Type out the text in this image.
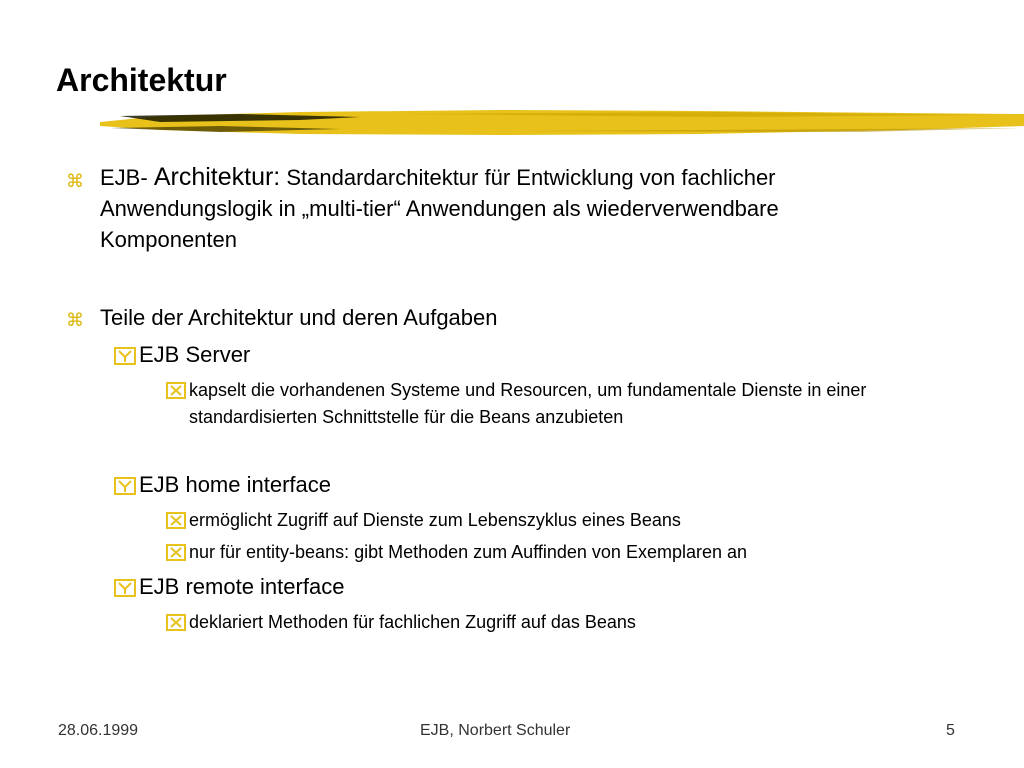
Architektur
⌘ EJB- Architektur: Standardarchitektur für Entwicklung von fachlicher Anwendungslogik in „multi-tier“ Anwendungen als wiederverwendbare Komponenten
⌘ Teile der Architektur und deren Aufgaben
EJB Server
kapselt die vorhandenen Systeme und Resourcen, um fundamentale Dienste in einer standardisierten Schnittstelle für die Beans anzubieten
EJB home interface
ermöglicht Zugriff auf Dienste zum Lebenszyklus eines Beans
nur für entity-beans: gibt Methoden zum Auffinden von Exemplaren an
EJB remote interface
deklariert Methoden für fachlichen Zugriff auf das Beans
28.06.1999	EJB, Norbert Schuler	5
